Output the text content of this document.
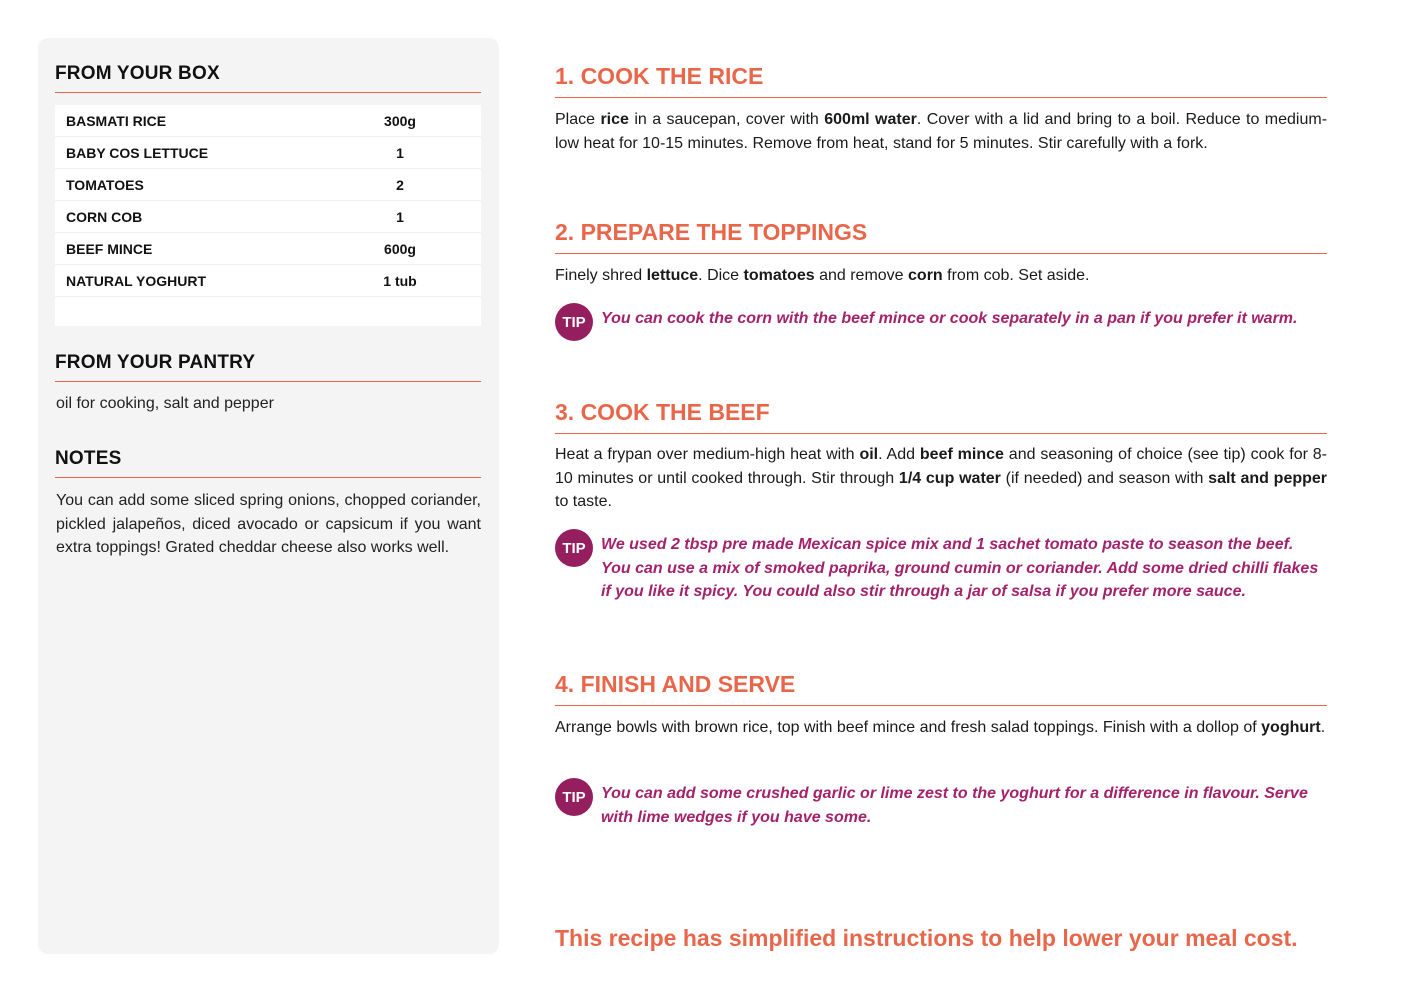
FROM YOUR BOX
BASMATI RICE	300g
BABY COS LETTUCE	1
TOMATOES	2
CORN COB	1
BEEF MINCE	600g
NATURAL YOGHURT	1 tub
FROM YOUR PANTRY
oil for cooking, salt and pepper
NOTES
You can add some sliced spring onions, chopped coriander, pickled jalapeños, diced avocado or capsicum if you want extra toppings! Grated cheddar cheese also works well.
1. COOK THE RICE
Place rice in a saucepan, cover with 600ml water. Cover with a lid and bring to a boil. Reduce to medium-low heat for 10-15 minutes. Remove from heat, stand for 5 minutes. Stir carefully with a fork.
2. PREPARE THE TOPPINGS
Finely shred lettuce. Dice tomatoes and remove corn from cob. Set aside.
TIP You can cook the corn with the beef mince or cook separately in a pan if you prefer it warm.
3. COOK THE BEEF
Heat a frypan over medium-high heat with oil. Add beef mince and seasoning of choice (see tip) cook for 8-10 minutes or until cooked through. Stir through 1/4 cup water (if needed) and season with salt and pepper to taste.
TIP We used 2 tbsp pre made Mexican spice mix and 1 sachet tomato paste to season the beef. You can use a mix of smoked paprika, ground cumin or coriander. Add some dried chilli flakes if you like it spicy. You could also stir through a jar of salsa if you prefer more sauce.
4. FINISH AND SERVE
Arrange bowls with brown rice, top with beef mince and fresh salad toppings. Finish with a dollop of yoghurt.
TIP You can add some crushed garlic or lime zest to the yoghurt for a difference in flavour. Serve with lime wedges if you have some.
This recipe has simplified instructions to help lower your meal cost.
